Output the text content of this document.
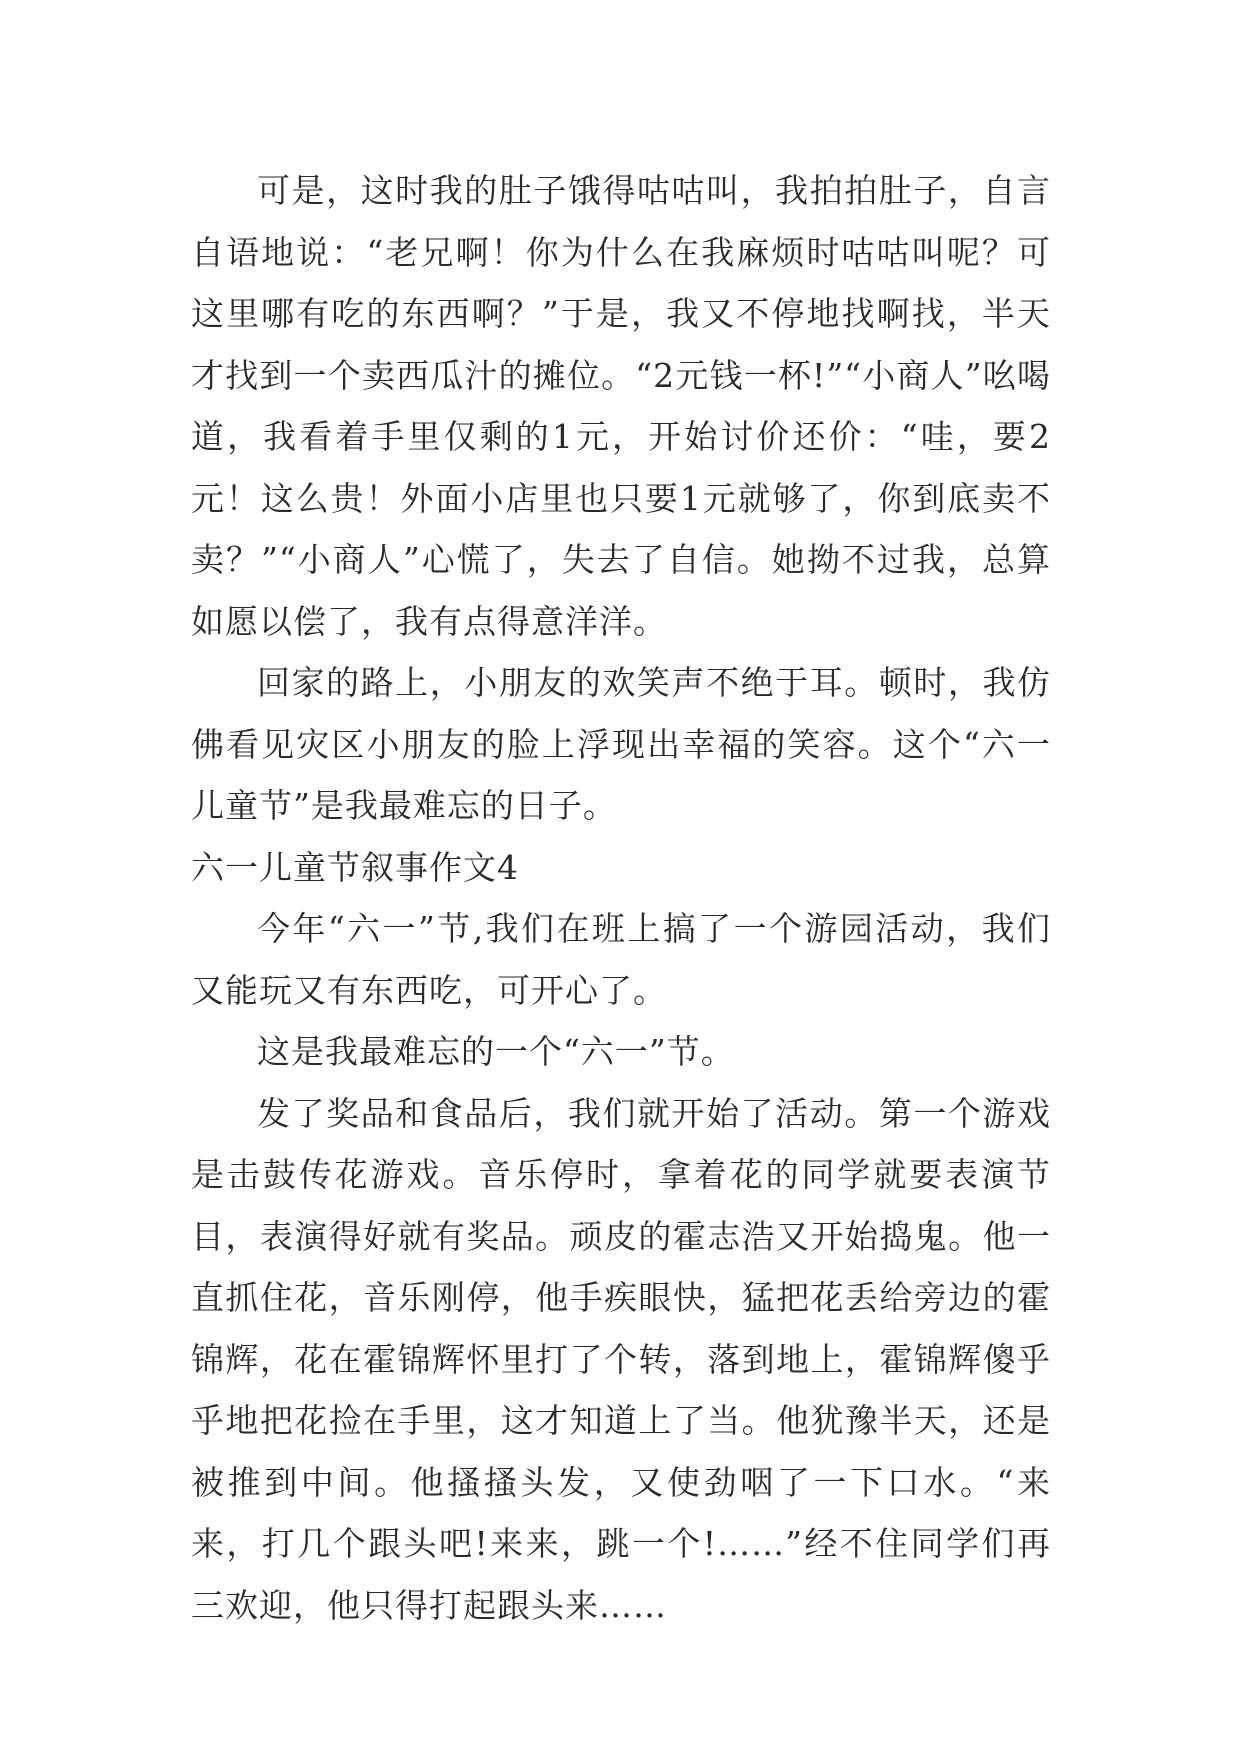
可是，这时我的肚子饿得咕咕叫，我拍拍肚子，自言自语地说：“老兄啊！你为什么在我麻烦时咕咕叫呢？可这里哪有吃的东西啊？”于是，我又不停地找啊找，半天才找到一个卖西瓜汁的摊位。“2元钱一杯!”“小商人”吆喝道，我看着手里仅剩的1元，开始讨价还价：“哇，要2元！这么贵！外面小店里也只要1元就够了，你到底卖不卖？”“小商人”心慌了，失去了自信。她拗不过我，总算如愿以偿了，我有点得意洋洋。

回家的路上，小朋友的欢笑声不绝于耳。顿时，我仿佛看见灾区小朋友的脸上浮现出幸福的笑容。这个“六一儿童节”是我最难忘的日子。

六一儿童节叙事作文4

今年“六一”节,我们在班上搞了一个游园活动，我们又能玩又有东西吃，可开心了。

这是我最难忘的一个“六一”节。

发了奖品和食品后，我们就开始了活动。第一个游戏是击鼓传花游戏。音乐停时，拿着花的同学就要表演节目，表演得好就有奖品。顽皮的霍志浩又开始捣鬼。他一直抓住花，音乐刚停，他手疾眼快，猛把花丢给旁边的霍锦辉，花在霍锦辉怀里打了个转，落到地上，霍锦辉傻乎乎地把花捡在手里，这才知道上了当。他犹豫半天，还是被推到中间。他搔搔头发，又使劲咽了一下口水。“来来，打几个跟头吧!来来，跳一个!……”经不住同学们再三欢迎，他只得打起跟头来……
